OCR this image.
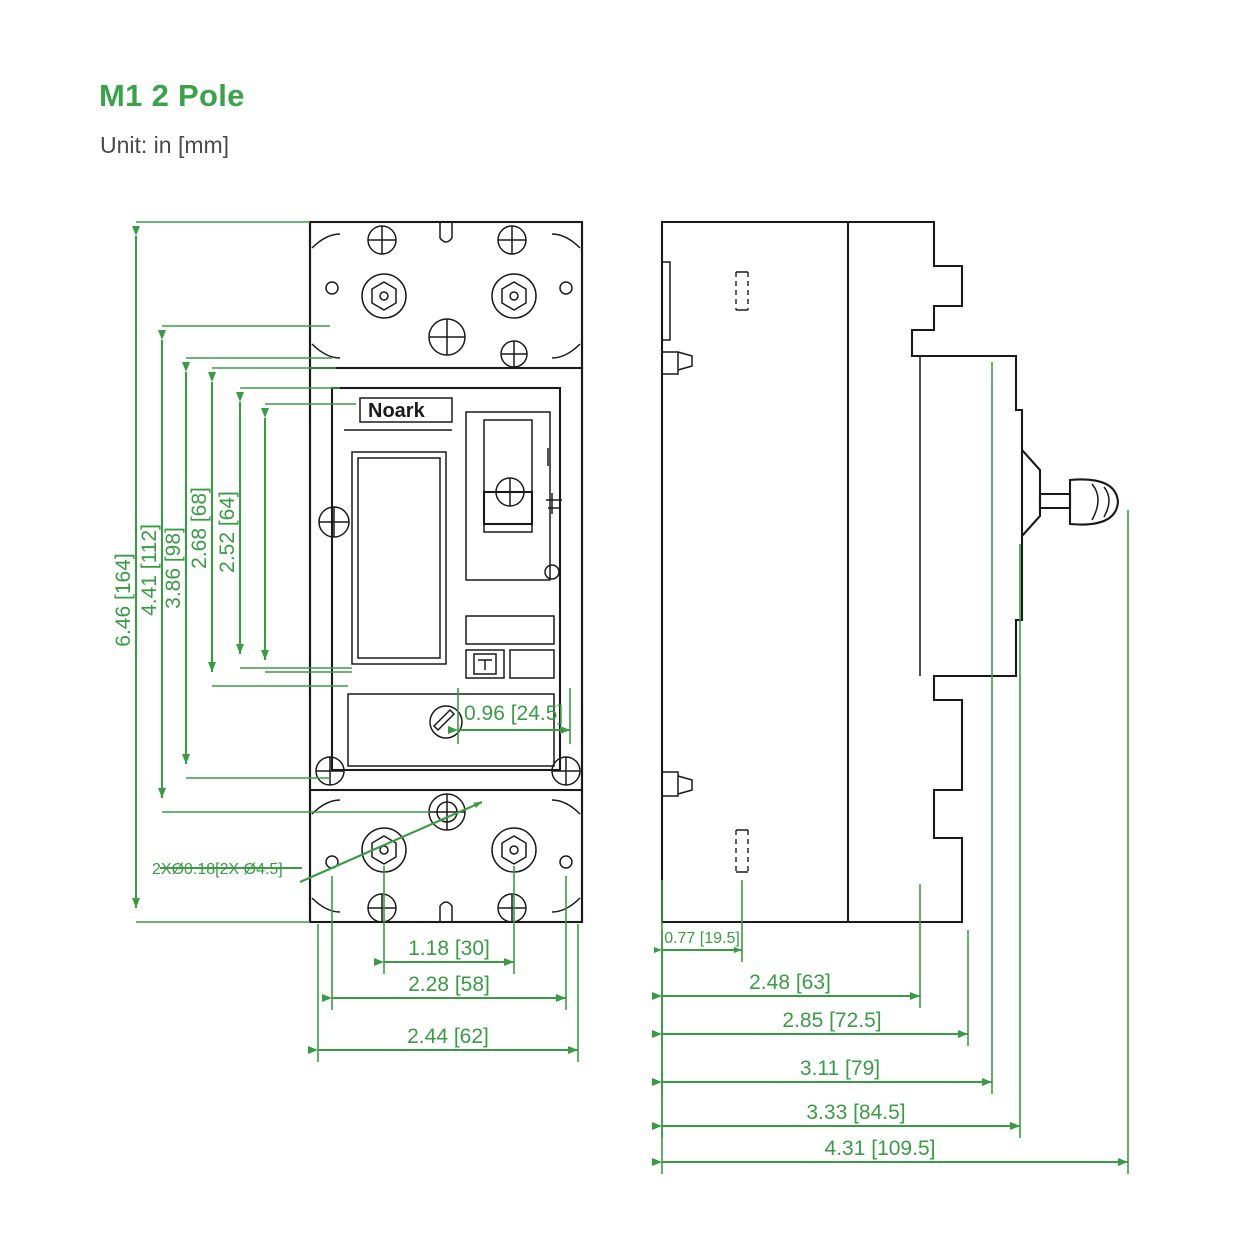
M1 2 Pole
Unit: in [mm]
Noark
6.46 [164] 4.41 [112] 3.86 [98] 2.68 [68] 2.52 [64]
0.96 [24.5]
2XØ0.18[2X Ø4.5]
1.18 [30]
2.28 [58]
2.44 [62]
0.77 [19.5]
2.48 [63]
2.85 [72.5]
3.11 [79]
3.33 [84.5]
4.31 [109.5]
